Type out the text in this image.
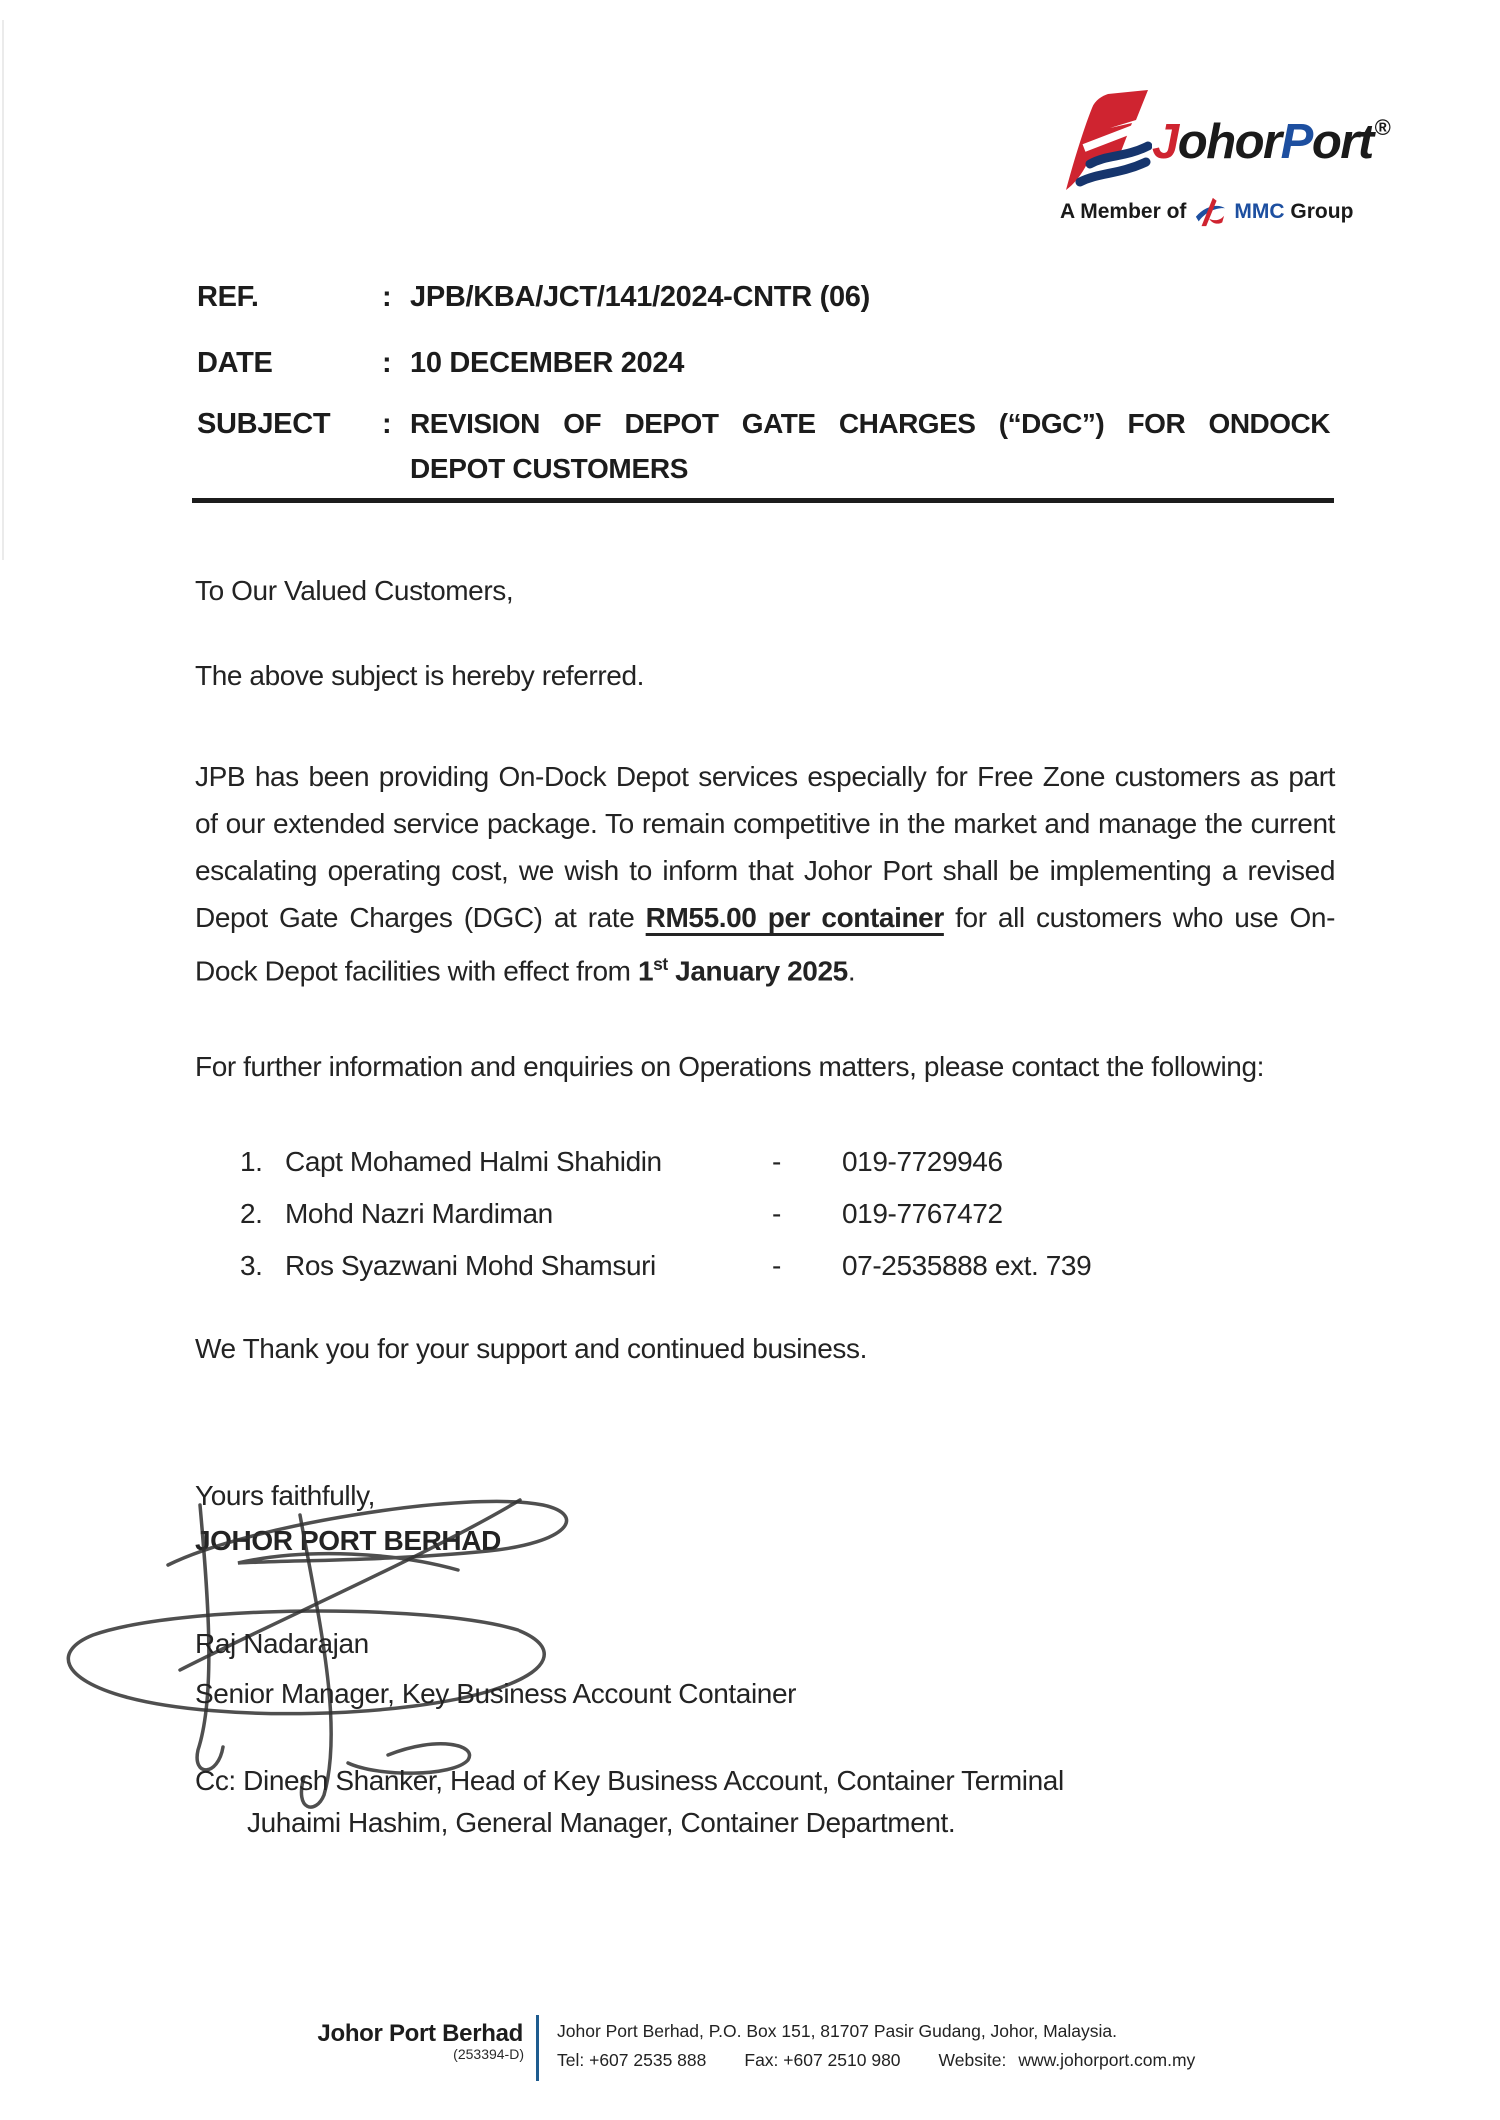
JohorPort®
A Member of MMC Group
REF.	: JPB/KBA/JCT/141/2024-CNTR (06)
DATE	: 10 DECEMBER 2024
SUBJECT : REVISION OF DEPOT GATE CHARGES (“DGC”) FOR ONDOCK
DEPOT CUSTOMERS
To Our Valued Customers,
The above subject is hereby referred.
JPB has been providing On-Dock Depot services especially for Free Zone customers as part of our extended service package. To remain competitive in the market and manage the current escalating operating cost, we wish to inform that Johor Port shall be implementing a revised Depot Gate Charges (DGC) at rate RM55.00 per container for all customers who use On-Dock Depot facilities with effect from 1st January 2025.
For further information and enquiries on Operations matters, please contact the following:
1. Capt Mohamed Halmi Shahidin	- 019-7729946
2. Mohd Nazri Mardiman	- 019-7767472
3. Ros Syazwani Mohd Shamsuri	- 07-2535888 ext. 739
We Thank you for your support and continued business.
Yours faithfully,
JOHOR PORT BERHAD
Raj Nadarajan
Senior Manager, Key Business Account Container
Cc: Dinesh Shanker, Head of Key Business Account, Container Terminal
Juhaimi Hashim, General Manager, Container Department.
Johor Port Berhad
(253394-D)
Johor Port Berhad, P.O. Box 151, 81707 Pasir Gudang, Johor, Malaysia.
Tel: +607 2535 888 Fax: +607 2510 980 Website: www.johorport.com.my
